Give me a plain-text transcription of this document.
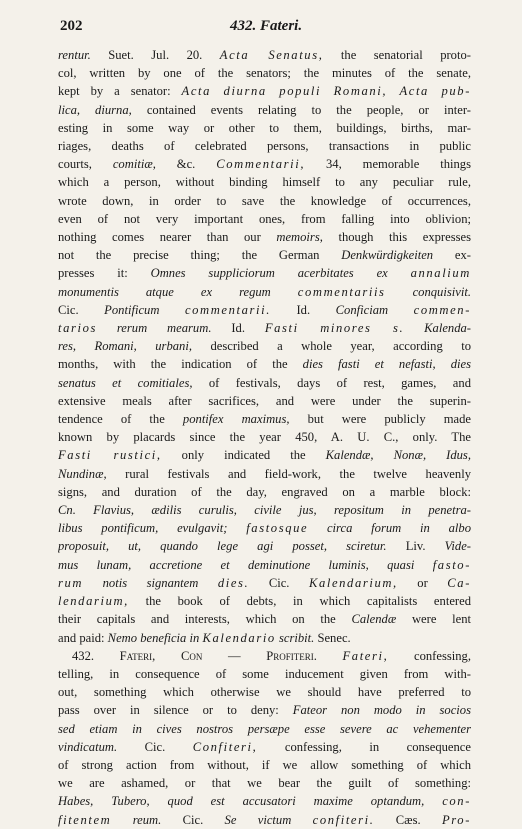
202	432. Fateri.
rentur. Suet. Jul. 20. Acta Senatus, the senatorial proto-
col, written by one of the senators; the minutes of the senate,
kept by a senator: Acta diurna populi Romani, Acta pub-
lica, diurna, contained events relating to the people, or inter-
esting in some way or other to them, buildings, births, mar-
riages, deaths of celebrated persons, transactions in public
courts, comitiæ, &c. Commentarii, 34, memorable things
which a person, without binding himself to any peculiar rule,
wrote down, in order to save the knowledge of occurrences,
even of not very important ones, from falling into oblivion;
nothing comes nearer than our memoirs, though this expresses
not the precise thing; the German Denkwürdigkeiten ex-
presses it: Omnes suppliciorum acerbitates ex annalium
monumentis atque ex regum commentariis conquisivit.
Cic. Pontificum commentarii. Id. Conficiam commen-
tarios rerum mearum. Id. Fasti minores s. Kalenda-
res, Romani, urbani, described a whole year, according to
months, with the indication of the dies fasti et nefasti, dies
senatus et comitiales, of festivals, days of rest, games, and
extensive meals after sacrifices, and were under the superin-
tendence of the pontifex maximus, but were publicly made
known by placards since the year 450, A. U. C., only. The
Fasti rustici, only indicated the Kalendæ, Nonæ, Idus,
Nundinæ, rural festivals and field-work, the twelve heavenly
signs, and duration of the day, engraved on a marble block:
Cn. Flavius, ædilis curulis, civile jus, repositum in penetra-
libus pontificum, evulgavit; fastosque circa forum in albo
proposuit, ut, quando lege agi posset, sciretur. Liv. Vide-
mus lunam, accretione et deminutione luminis, quasi fasto-
rum notis signantem dies. Cic. Kalendarium, or Ca-
lendarium, the book of debts, in which capitalists entered
their capitals and interests, which on the Calendæ were lent
and paid: Nemo beneficia in Kalendario scribit. Senec.
432. Fateri, Con — Profiteri. Fateri, confessing,
telling, in consequence of some inducement given from with-
out, something which otherwise we should have preferred to
pass over in silence or to deny: Fateor non modo in socios
sed etiam in cives nostros persæpe esse severe ac vehementer
vindicatum. Cic. Confiteri, confessing, in consequence
of strong action from without, if we allow something of which
we are ashamed, or that we bear the guilt of something:
Habes, Tubero, quod est accusatori maxime optandum, con-
fitentem reum. Cic. Se victum confiteri. Cæs. Pro-
